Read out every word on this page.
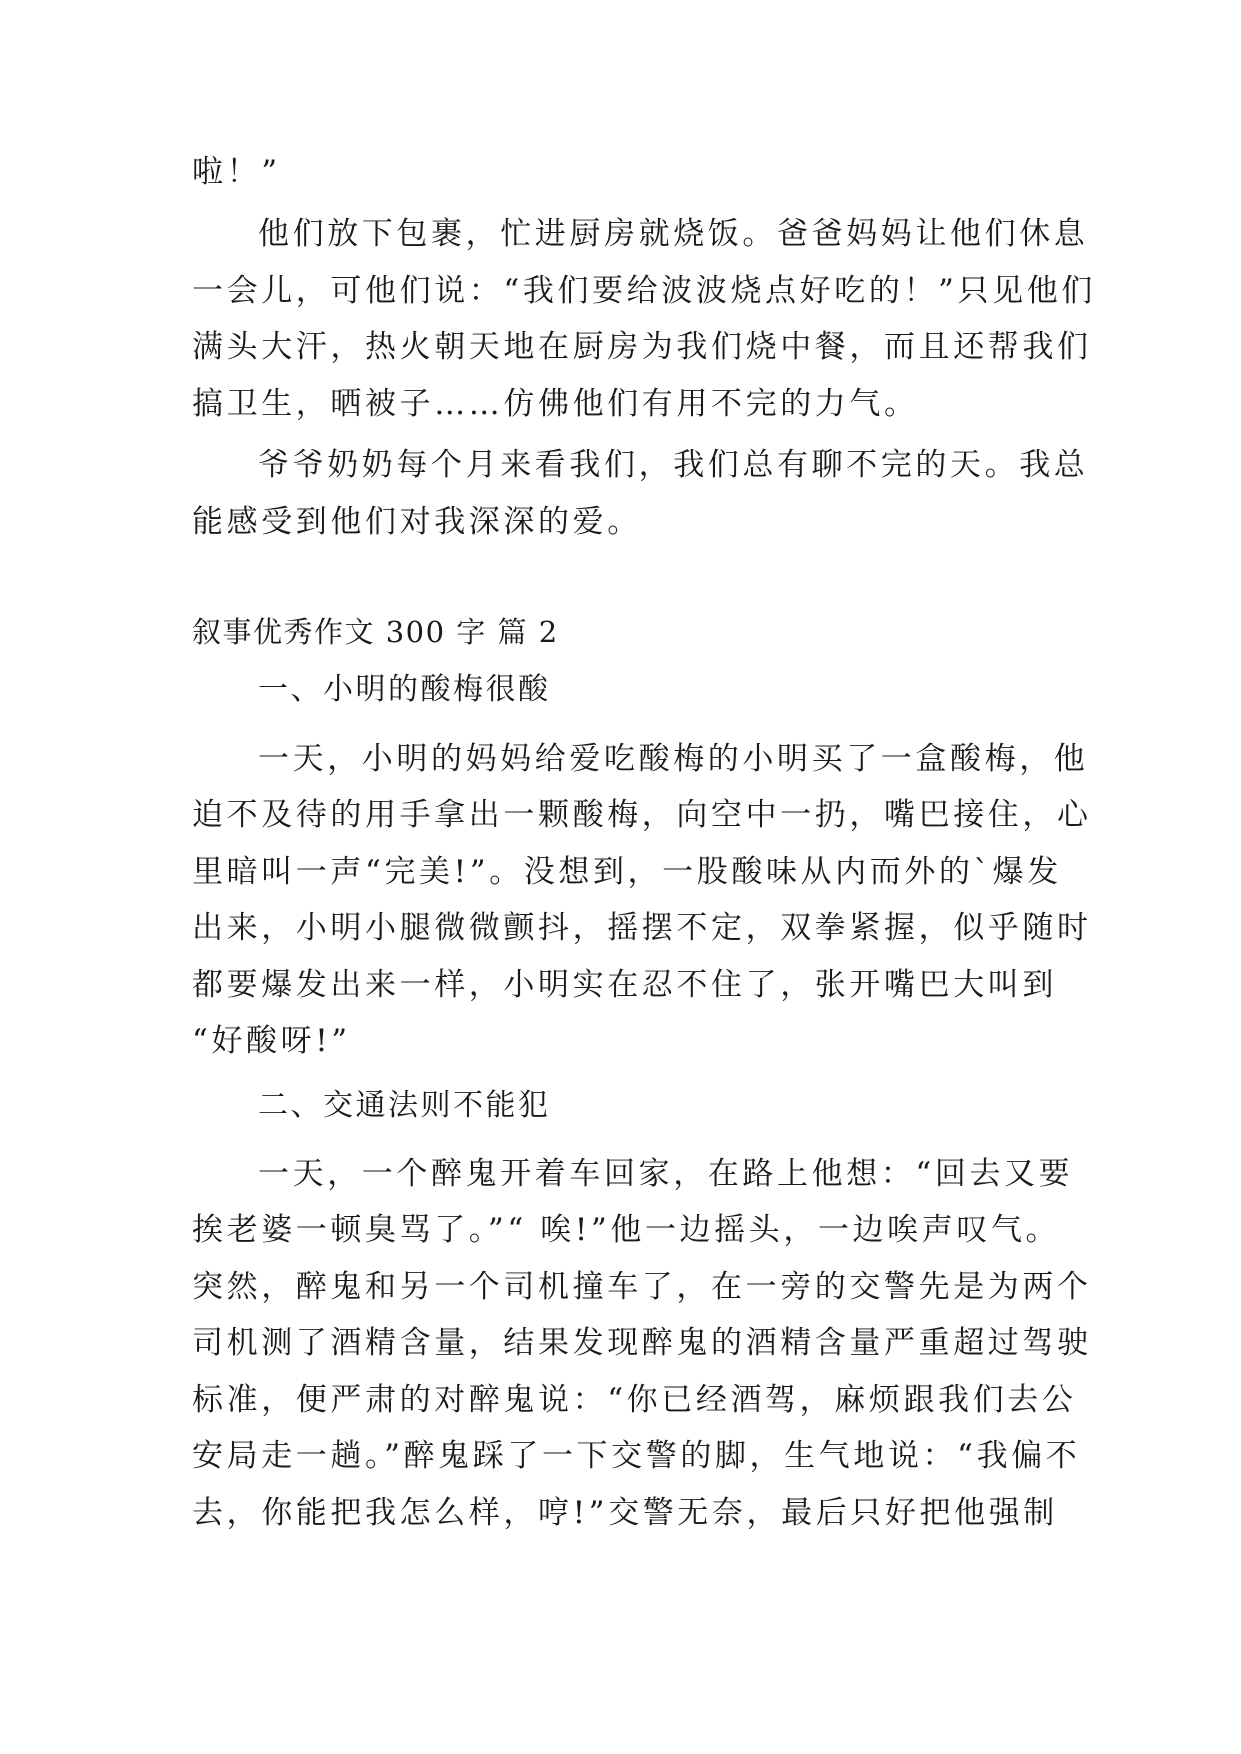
啦！”
他们放下包裹，忙进厨房就烧饭。爸爸妈妈让他们休息
一会儿，可他们说：“我们要给波波烧点好吃的！”只见他们
满头大汗，热火朝天地在厨房为我们烧中餐，而且还帮我们
搞卫生，晒被子……仿佛他们有用不完的力气。
爷爷奶奶每个月来看我们，我们总有聊不完的天。我总
能感受到他们对我深深的爱。
叙事优秀作文 300 字 篇 2
一、小明的酸梅很酸
一天，小明的妈妈给爱吃酸梅的小明买了一盒酸梅，他
迫不及待的用手拿出一颗酸梅，向空中一扔，嘴巴接住，心
里暗叫一声“完美!”。没想到，一股酸味从内而外的`爆发
出来，小明小腿微微颤抖，摇摆不定，双拳紧握，似乎随时
都要爆发出来一样，小明实在忍不住了，张开嘴巴大叫到
“好酸呀!”
二、交通法则不能犯
一天，一个醉鬼开着车回家，在路上他想：“回去又要
挨老婆一顿臭骂了。”“ 唉!”他一边摇头，一边唉声叹气。
突然，醉鬼和另一个司机撞车了，在一旁的交警先是为两个
司机测了酒精含量，结果发现醉鬼的酒精含量严重超过驾驶
标准，便严肃的对醉鬼说：“你已经酒驾，麻烦跟我们去公
安局走一趟。”醉鬼踩了一下交警的脚，生气地说：“我偏不
去，你能把我怎么样，哼!”交警无奈，最后只好把他强制
